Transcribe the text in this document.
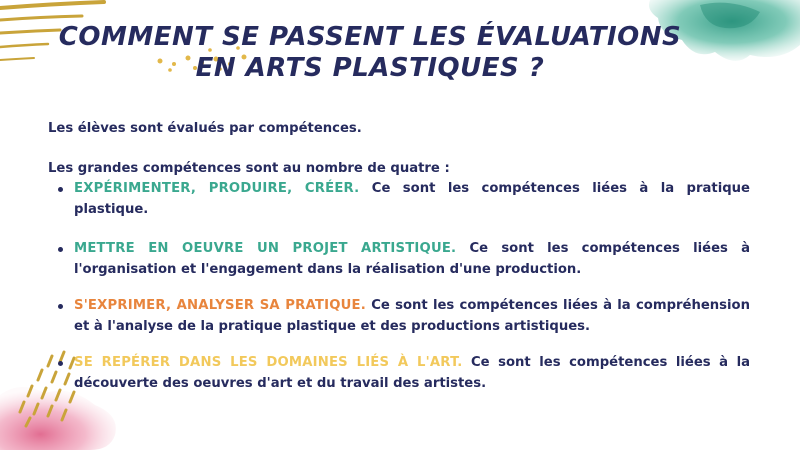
COMMENT SE PASSENT LES ÉVALUATIONS EN ARTS PLASTIQUES ?

Les élèves sont évalués par compétences.

Les grandes compétences sont au nombre de quatre :

EXPÉRIMENTER, PRODUIRE, CRÉER. Ce sont les compétences liées à la pratique plastique.
METTRE EN OEUVRE UN PROJET ARTISTIQUE. Ce sont les compétences liées à l'organisation et l'engagement dans la réalisation d'une production.
S'EXPRIMER, ANALYSER SA PRATIQUE. Ce sont les compétences liées à la compréhension et à l'analyse de la pratique plastique et des productions artistiques.
SE REPÉRER DANS LES DOMAINES LIÉS À L'ART. Ce sont les compétences liées à la découverte des oeuvres d'art et du travail des artistes.
